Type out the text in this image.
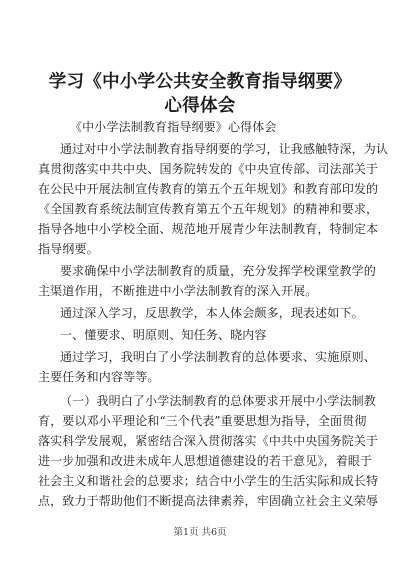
学习《中小学公共安全教育指导纲要》心得体会
《中小学法制教育指导纲要》心得体会
通过对中小学法制教育指导纲要的学习，让我感触特深，为认
真贯彻落实中共中央、国务院转发的《中央宣传部、司法部关于
在公民中开展法制宣传教育的第五个五年规划》和教育部印发的
《全国教育系统法制宣传教育第五个五年规划》的精神和要求，
指导各地中小学校全面、规范地开展青少年法制教育，特制定本
指导纲要。
要求确保中小学法制教育的质量，充分发挥学校课堂教学的
主渠道作用，不断推进中小学法制教育的深入开展。
通过深入学习，反思教学，本人体会颇多，现表述如下。
一、懂要求、明原则、知任务、晓内容
通过学习，我明白了小学法制教育的总体要求、实施原则、
主要任务和内容等等。
（一）我明白了小学法制教育的总体要求开展中小学法制教
育，要以邓小平理论和“三个代表”重要思想为指导，全面贯彻
落实科学发展观，紧密结合深入贯彻落实《中共中央国务院关于
进一步加强和改进未成年人思想道德建设的若干意见》，着眼于
社会主义和谐社会的总要求；结合中小学生的生活实际和成长特
点，致力于帮助他们不断提高法律素养，牢固确立社会主义荣辱
第1页 共6页
